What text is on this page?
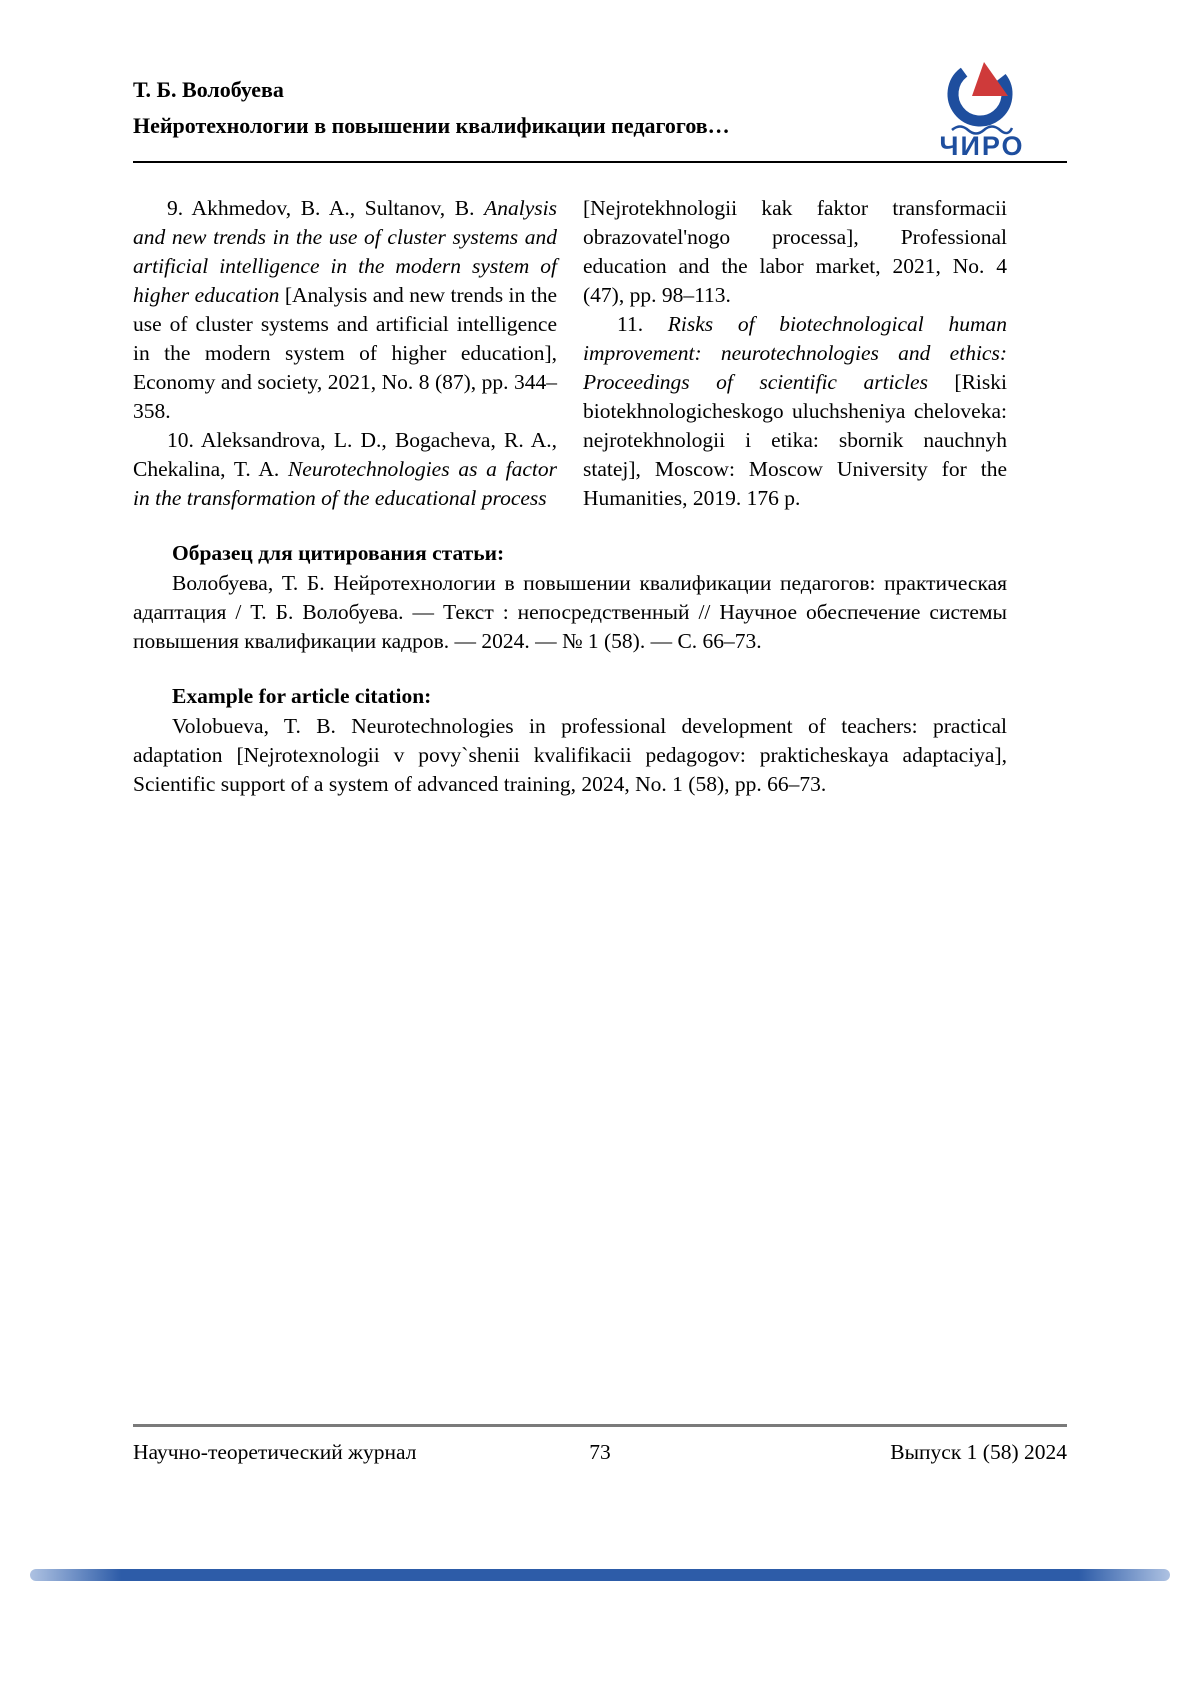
Т. Б. Волобуева
Нейротехнологии в повышении квалификации педагогов…
ЧИРО

9. Akhmedov, B. A., Sultanov, B. Analysis and new trends in the use of cluster systems and artificial intelligence in the modern system of higher education [Analysis and new trends in the use of cluster systems and artificial intelligence in the modern system of higher education], Economy and society, 2021, No. 8 (87), pp. 344–358.

10. Aleksandrova, L. D., Bogacheva, R. A., Chekalina, T. A. Neurotechnologies as a factor in the transformation of the educational process

[Nejrotekhnologii kak faktor transformacii obrazovatel'nogo processa], Professional education and the labor market, 2021, No. 4 (47), pp. 98–113.

11. Risks of biotechnological human improvement: neurotechnologies and ethics: Proceedings of scientific articles [Riski biotekhnologicheskogo uluchsheniya cheloveka: nejrotekhnologii i etika: sbornik nauchnyh statej], Moscow: Moscow University for the Humanities, 2019. 176 p.

Образец для цитирования статьи:

Волобуева, Т. Б. Нейротехнологии в повышении квалификации педагогов: практическая адаптация / Т. Б. Волобуева. — Текст : непосредственный // Научное обеспечение системы повышения квалификации кадров. — 2024. — № 1 (58). — С. 66–73.

Example for article citation:

Volobueva, T. B. Neurotechnologies in professional development of teachers: practical adaptation [Nejrotexnologii v povy`shenii kvalifikacii pedagogov: prakticheskaya adaptaciya], Scientific support of a system of advanced training, 2024, No. 1 (58), pp. 66–73.

Научно-теоретический журнал	73	Выпуск 1 (58) 2024
